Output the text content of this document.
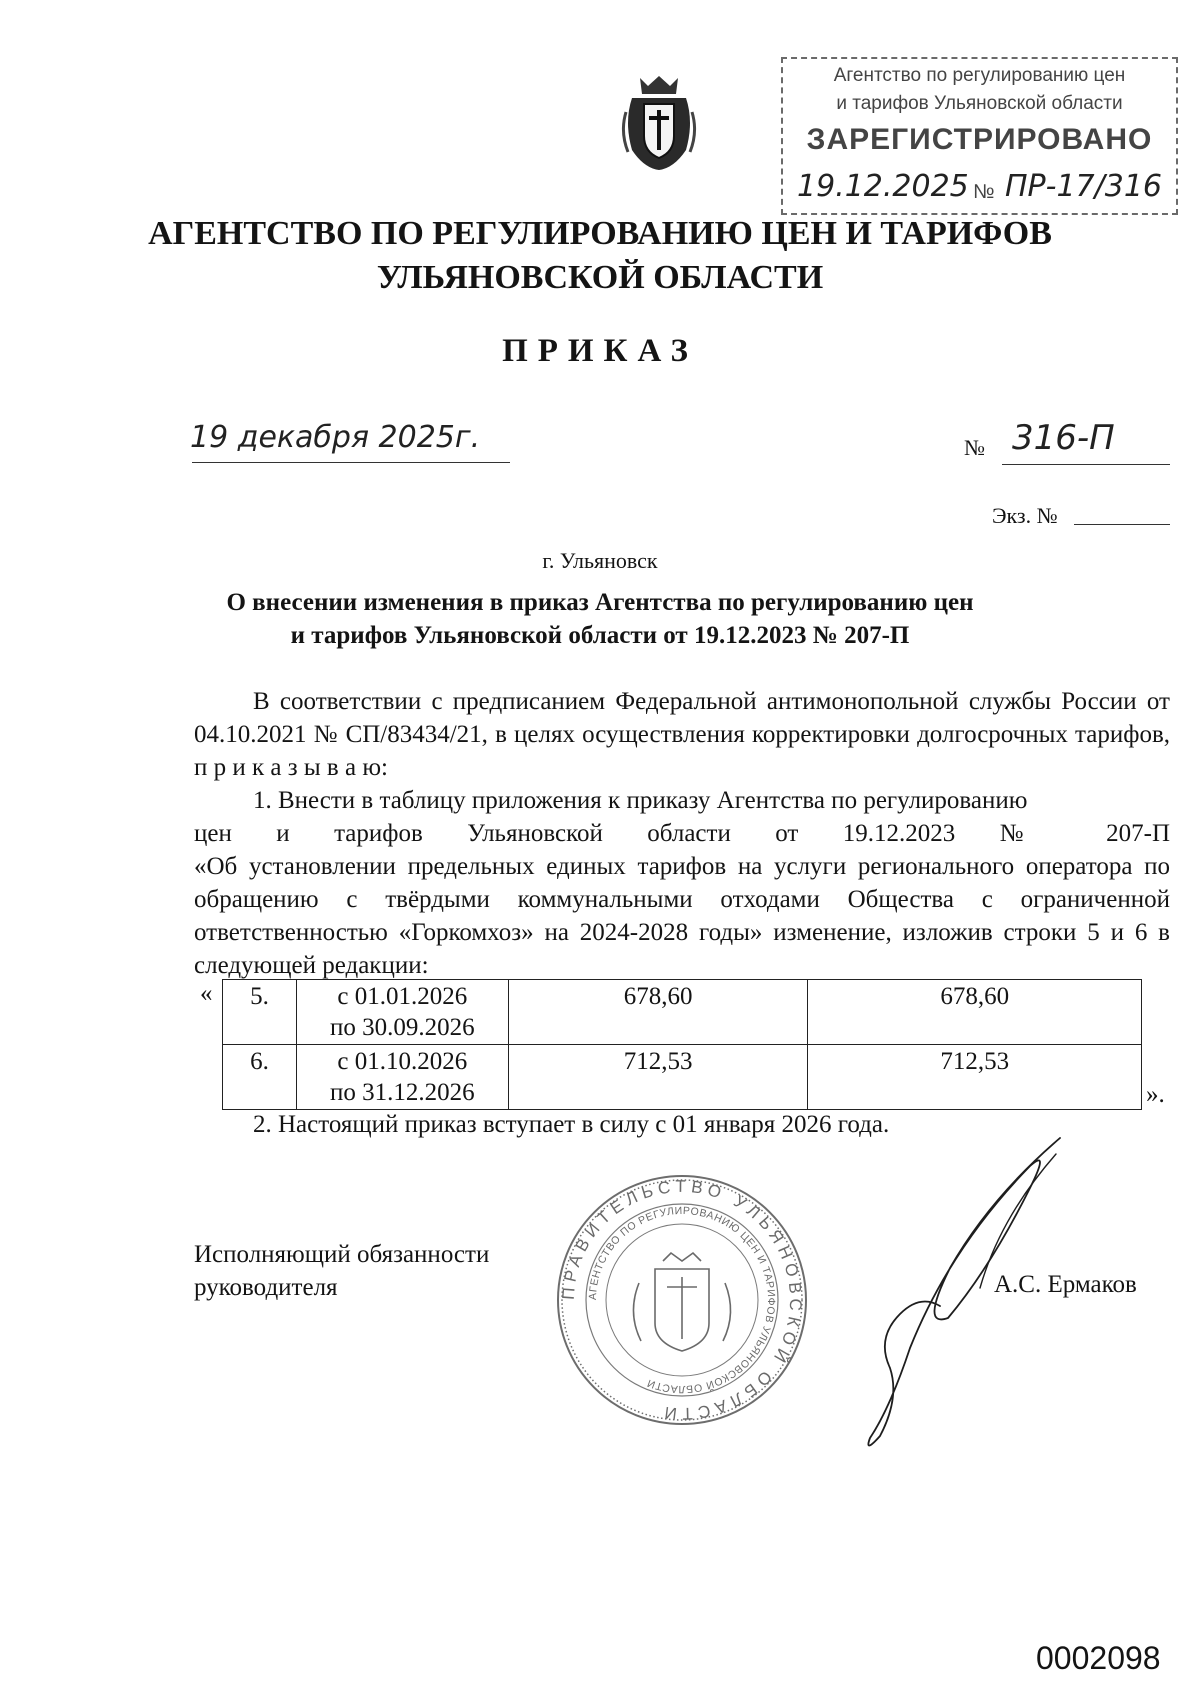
Агентство по регулированию цен
и тарифов Ульяновской области
ЗАРЕГИСТРИРОВАНО
19.12.2025 № ПР-17/316
АГЕНТСТВО ПО РЕГУЛИРОВАНИЮ ЦЕН И ТАРИФОВ
УЛЬЯНОВСКОЙ ОБЛАСТИ
ПРИКАЗ
19 декабря 2025г.	№ 316-П
Экз. №
г. Ульяновск
О внесении изменения в приказ Агентства по регулированию цен
и тарифов Ульяновской области от 19.12.2023 № 207-П
В соответствии с предписанием Федеральной антимонопольной службы России от 04.10.2021 № СП/83434/21, в целях осуществления корректировки долгосрочных тарифов, п р и к а з ы в а ю:
1. Внести в таблицу приложения к приказу Агентства по регулированию
цен и тарифов Ульяновской области от 19.12.2023 № 207-П
«Об установлении предельных единых тарифов на услуги регионального оператора по обращению с твёрдыми коммунальными отходами Общества с ограниченной ответственностью «Горкомхоз» на 2024-2028 годы» изменение, изложив строки 5 и 6 в следующей редакции:
« 5.	с 01.01.2026
по 30.09.2026	678,60	678,60
6.	с 01.10.2026
по 31.12.2026	712,53	712,53
».
2. Настоящий приказ вступает в силу с 01 января 2026 года.
Исполняющий обязанности
руководителя	ПРАВИТЕЛЬСТВО УЛЬЯНОВСКОЙ ОБЛАСТИ
АГЕНТСТВО ПО РЕГУЛИРОВАНИЮ ЦЕН И ТАРИФОВ УЛЬЯНОВСКОЙ ОБЛАСТИ
А.С. Ермаков
0002098
